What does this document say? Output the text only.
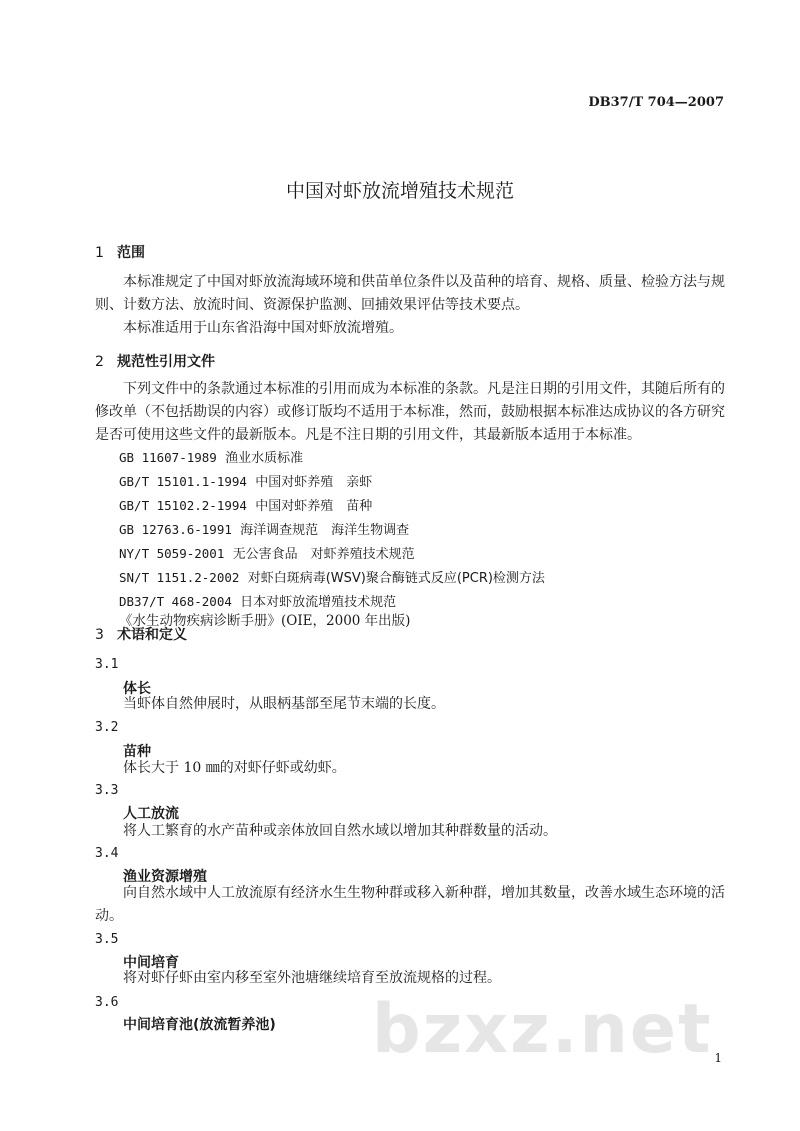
DB37/T 704—2007
中国对虾放流增殖技术规范
1 范围
本标准规定了中国对虾放流海域环境和供苗单位条件以及苗种的培育、规格、质量、检验方法与规
则、计数方法、放流时间、资源保护监测、回捕效果评估等技术要点。
本标准适用于山东省沿海中国对虾放流增殖。
2 规范性引用文件
下列文件中的条款通过本标准的引用而成为本标准的条款。凡是注日期的引用文件，其随后所有的
修改单（不包括勘误的内容）或修订版均不适用于本标准，然而，鼓励根据本标准达成协议的各方研究
是否可使用这些文件的最新版本。凡是不注日期的引用文件，其最新版本适用于本标准。
GB 11607-1989 渔业水质标准
GB/T 15101.1-1994 中国对虾养殖　亲虾
GB/T 15102.2-1994 中国对虾养殖　苗种
GB 12763.6-1991 海洋调查规范　海洋生物调查
NY/T 5059-2001 无公害食品　对虾养殖技术规范
SN/T 1151.2-2002 对虾白斑病毒(WSV)聚合酶链式反应(PCR)检测方法
DB37/T 468-2004 日本对虾放流增殖技术规范
《水生动物疾病诊断手册》(OIE，2000 年出版)
3 术语和定义
3.1
体长
当虾体自然伸展时，从眼柄基部至尾节末端的长度。
3.2
苗种
体长大于 10 ㎜的对虾仔虾或幼虾。
3.3
人工放流
将人工繁育的水产苗种或亲体放回自然水域以增加其种群数量的活动。
3.4
渔业资源增殖
向自然水域中人工放流原有经济水生生物种群或移入新种群，增加其数量，改善水域生态环境的活
动。
3.5
中间培育
将对虾仔虾由室内移至室外池塘继续培育至放流规格的过程。
3.6
中间培育池(放流暂养池) bzxz.net 1
